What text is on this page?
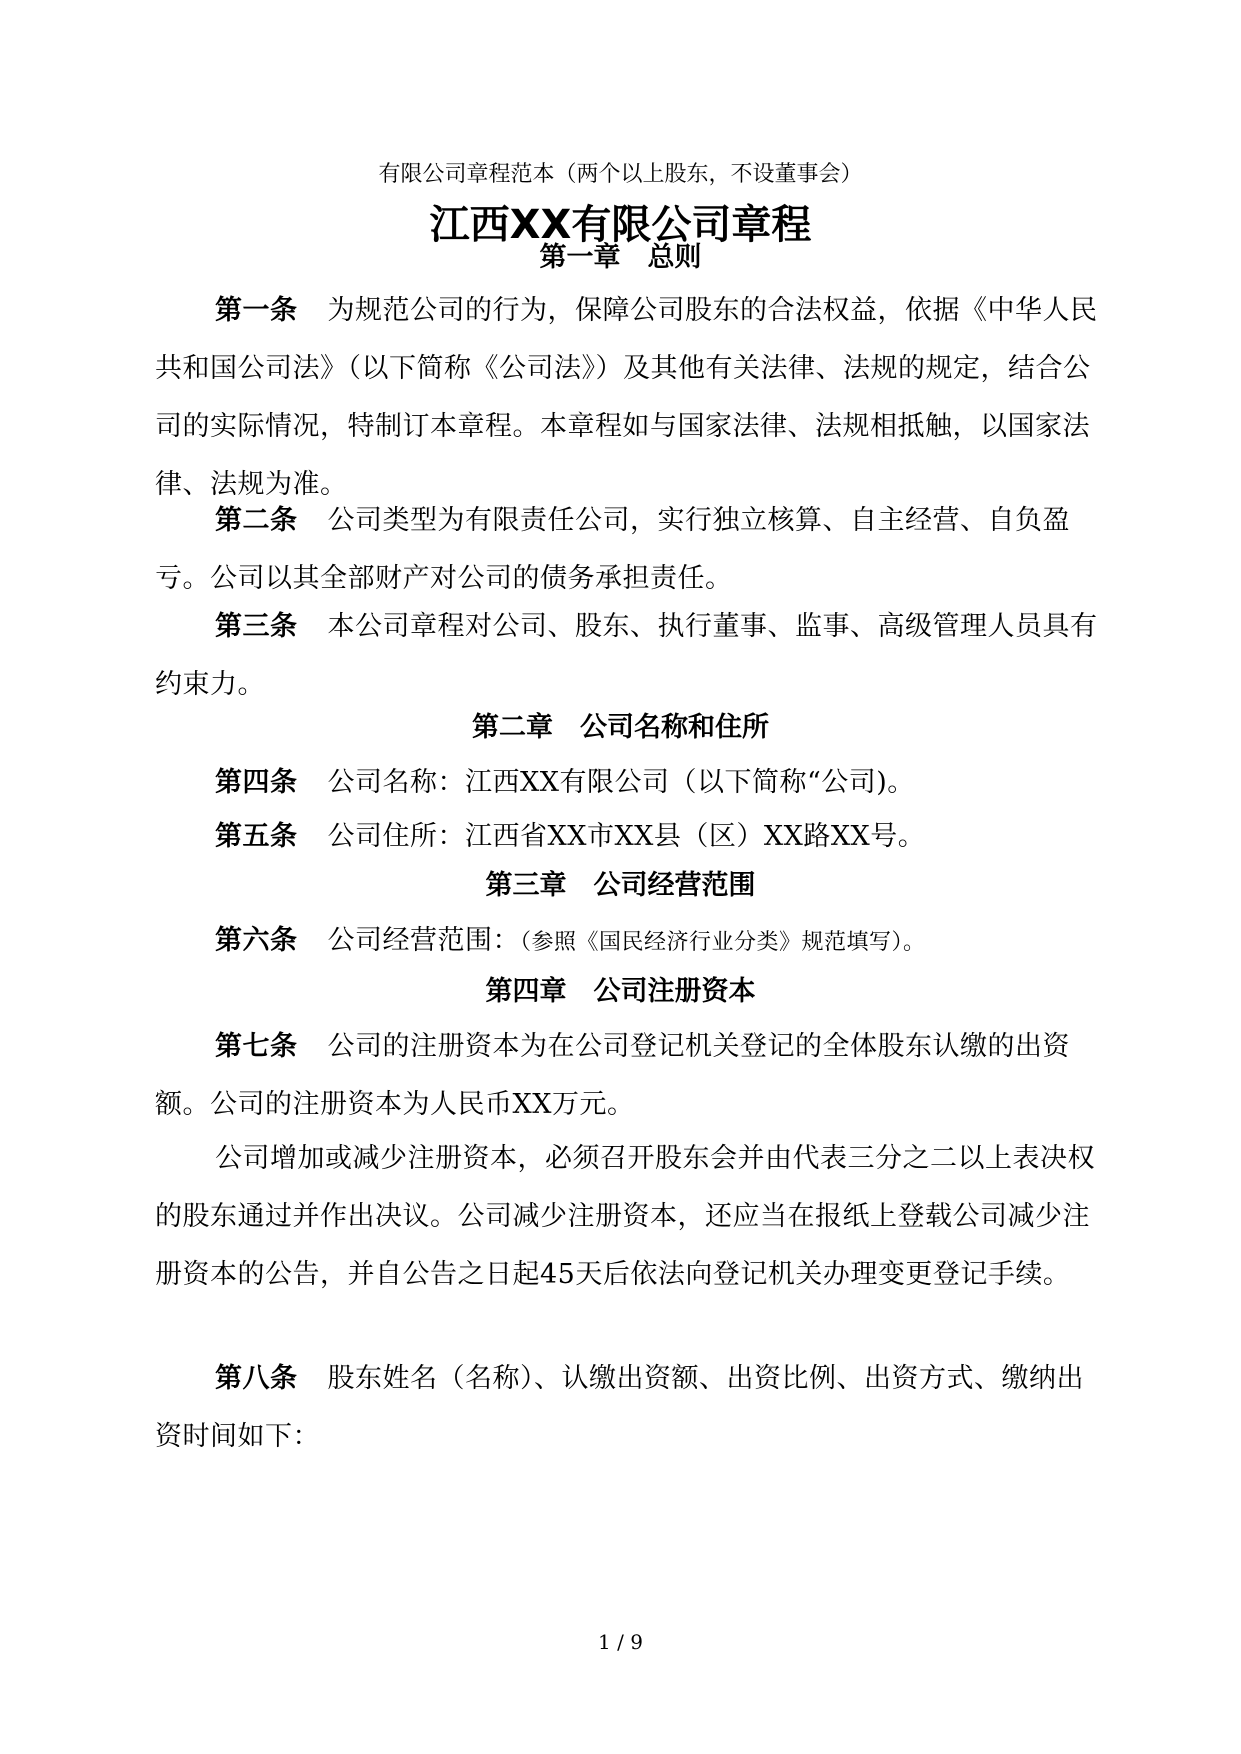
有限公司章程范本（两个以上股东，不设董事会）
江西XX有限公司章程
第一章　总则

第一条 为规范公司的行为，保障公司股东的合法权益，依据《中华人民共和国公司法》（以下简称《公司法》）及其他有关法律、法规的规定，结合公司的实际情况，特制订本章程。本章程如与国家法律、法规相抵触，以国家法律、法规为准。

第二条 公司类型为有限责任公司，实行独立核算、自主经营、自负盈亏。公司以其全部财产对公司的债务承担责任。

第三条 本公司章程对公司、股东、执行董事、监事、高级管理人员具有约束力。

第二章　公司名称和住所

第四条 公司名称：江西XX有限公司（以下简称“公司)。

第五条 公司住所：江西省XX市XX县（区）XX路XX号。

第三章　公司经营范围

第六条 公司经营范围：（参照《国民经济行业分类》规范填写）。

第四章　公司注册资本

第七条 公司的注册资本为在公司登记机关登记的全体股东认缴的出资额。公司的注册资本为人民币XX万元。

公司增加或减少注册资本，必须召开股东会并由代表三分之二以上表决权的股东通过并作出决议。公司减少注册资本，还应当在报纸上登载公司减少注册资本的公告，并自公告之日起45天后依法向登记机关办理变更登记手续。

第八条 股东姓名（名称）、认缴出资额、出资比例、出资方式、缴纳出资时间如下：

1 / 9
